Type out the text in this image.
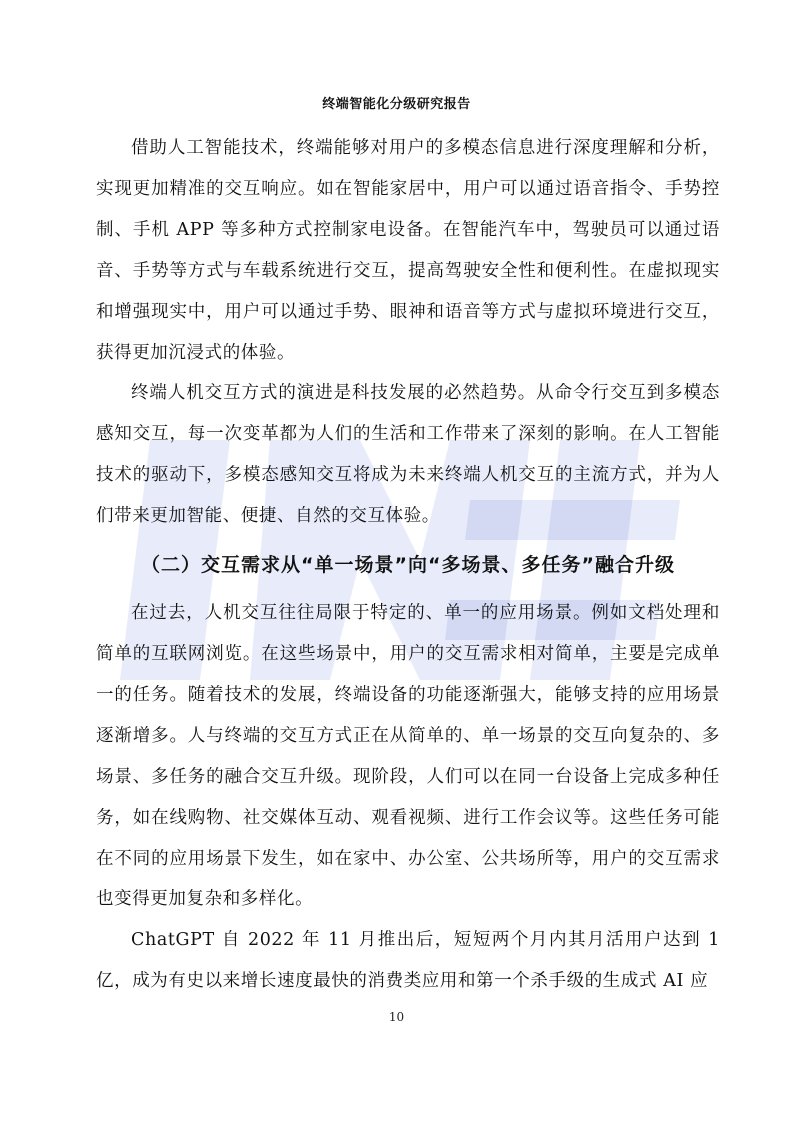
终端智能化分级研究报告

借助人工智能技术，终端能够对用户的多模态信息进行深度理解和分析，实现更加精准的交互响应。如在智能家居中，用户可以通过语音指令、手势控制、手机 APP 等多种方式控制家电设备。在智能汽车中，驾驶员可以通过语音、手势等方式与车载系统进行交互，提高驾驶安全性和便利性。在虚拟现实和增强现实中，用户可以通过手势、眼神和语音等方式与虚拟环境进行交互，获得更加沉浸式的体验。

终端人机交互方式的演进是科技发展的必然趋势。从命令行交互到多模态感知交互，每一次变革都为人们的生活和工作带来了深刻的影响。在人工智能技术的驱动下，多模态感知交互将成为未来终端人机交互的主流方式，并为人们带来更加智能、便捷、自然的交互体验。

（二）交互需求从“单一场景”向“多场景、多任务”融合升级

在过去，人机交互往往局限于特定的、单一的应用场景。例如文档处理和简单的互联网浏览。在这些场景中，用户的交互需求相对简单，主要是完成单一的任务。随着技术的发展，终端设备的功能逐渐强大，能够支持的应用场景逐渐增多。人与终端的交互方式正在从简单的、单一场景的交互向复杂的、多场景、多任务的融合交互升级。现阶段，人们可以在同一台设备上完成多种任务，如在线购物、社交媒体互动、观看视频、进行工作会议等。这些任务可能在不同的应用场景下发生，如在家中、办公室、公共场所等，用户的交互需求也变得更加复杂和多样化。

ChatGPT 自 2022 年 11 月推出后，短短两个月内其月活用户达到 1 亿，成为有史以来增长速度最快的消费类应用和第一个杀手级的生成式 AI 应

10
